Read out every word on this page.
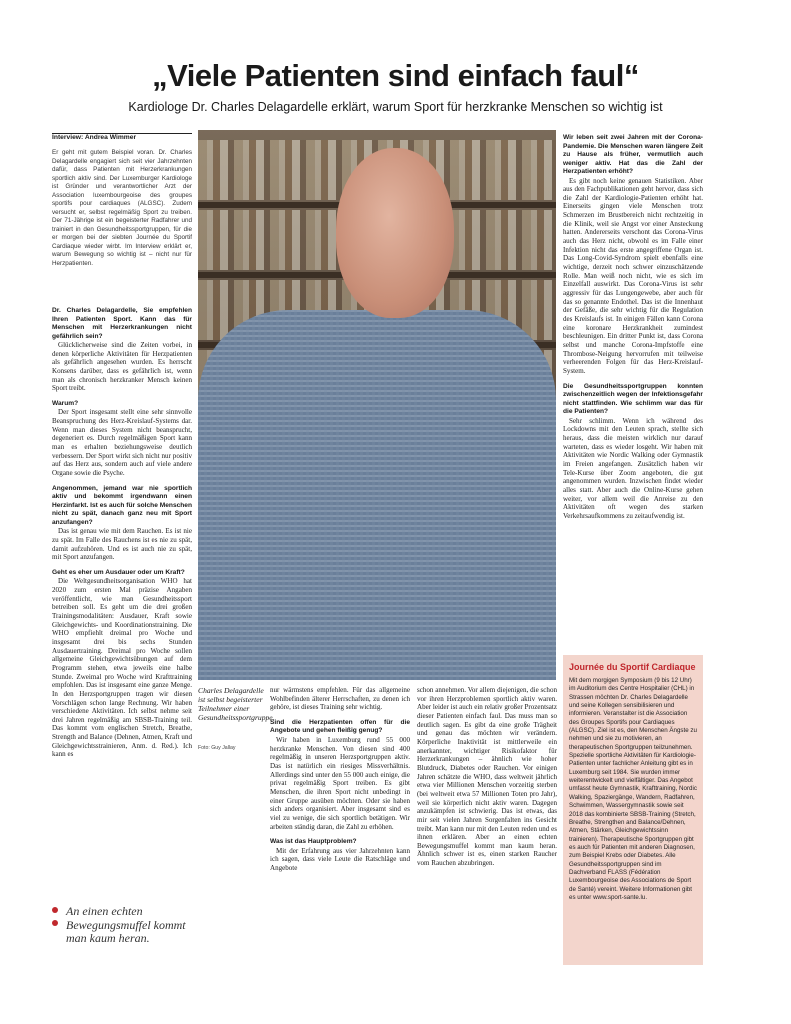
„Viele Patienten sind einfach faul“
Kardiologe Dr. Charles Delagardelle erklärt, warum Sport für herzkranke Menschen so wichtig ist
Interview: Andrea Wimmer

Er geht mit gutem Beispiel voran. Dr. Charles Delagardelle engagiert sich seit vier Jahrzehnten dafür, dass Patienten mit Herzerkrankungen sportlich aktiv sind. Der Luxemburger Kardiologe ist Gründer und verantwortlicher Arzt der Association luxembourgeoise des groupes sportifs pour cardiaques (ALGSC). Zudem versucht er, selbst regelmäßig Sport zu treiben. Der 71-Jährige ist ein begeisterter Radfahrer und trainiert in den Gesundheitssportgruppen, für die er morgen bei der siebten Journée du Sportif Cardiaque wieder wirbt. Im Interview erklärt er, warum Bewegung so wichtig ist – nicht nur für Herzpatienten.

Dr. Charles Delagardelle, Sie empfehlen Ihren Patienten Sport. Kann das für Menschen mit Herzerkrankungen nicht gefährlich sein?

Glücklicherweise sind die Zeiten vorbei, in denen körperliche Aktivitäten für Herzpatienten als gefährlich angesehen wurden. Es herrscht Konsens darüber, dass es gefährlich ist, wenn man als chronisch herzkranker Mensch keinen Sport treibt.

Warum?

Der Sport insgesamt stellt eine sehr sinnvolle Beanspruchung des Herz-Kreislauf-Systems dar. Wenn man dieses System nicht beansprucht, degeneriert es. Durch regelmäßigen Sport kann man es erhalten beziehungsweise deutlich verbessern. Der Sport wirkt sich nicht nur positiv auf das Herz aus, sondern auch auf viele andere Organe sowie die Psyche.

Angenommen, jemand war nie sportlich aktiv und bekommt irgendwann einen Herzinfarkt. Ist es auch für solche Menschen nicht zu spät, danach ganz neu mit Sport anzufangen?

Das ist genau wie mit dem Rauchen. Es ist nie zu spät. Im Falle des Rauchens ist es nie zu spät, damit aufzuhören. Und es ist auch nie zu spät, mit Sport anzufangen.

Geht es eher um Ausdauer oder um Kraft?

Die Weltgesundheitsorganisation WHO hat 2020 zum ersten Mal präzise Angaben veröffentlicht, wie man Gesundheitssport betreiben soll. Es geht um die drei großen Trainingsmodalitäten: Ausdauer, Kraft sowie Gleichgewichts- und Koordinationstraining. Die WHO empfiehlt dreimal pro Woche und insgesamt drei bis sechs Stunden Ausdauertraining. Dreimal pro Woche sollen allgemeine Gleichgewichtsübungen auf dem Programm stehen, etwa jeweils eine halbe Stunde. Zweimal pro Woche wird Krafttraining empfohlen. Das ist insgesamt eine ganze Menge. In den Herzsportgruppen tragen wir diesen Vorschlägen schon lange Rechnung. Wir haben verschiedene Aktivitäten. Ich selbst nehme seit drei Jahren regelmäßig am SBSB-Training teil. Das kommt vom englischen Stretch, Breathe, Strength and Balance (Dehnen, Atmen, Kraft und Gleichgewichtsstrainieren, Anm. d. Red.). Ich kann es

Charles Delagardelle ist selbst begeisterter Teilnehmer einer Gesundheitssportgruppe.
Foto: Guy Jallay

nur wärmstens empfehlen. Für das allgemeine Wohlbefinden älterer Herrschaften, zu denen ich gehöre, ist dieses Training sehr wichtig.

Sind die Herzpatienten offen für die Angebote und gehen fleißig genug?

Wir haben in Luxemburg rund 55 000 herzkranke Menschen. Von diesen sind 400 regelmäßig in unseren Herzsportgruppen aktiv. Das ist natürlich ein riesiges Missverhältnis. Allerdings sind unter den 55 000 auch einige, die privat regelmäßig Sport treiben. Es gibt Menschen, die ihren Sport nicht unbedingt in einer Gruppe ausüben möchten. Oder sie haben sich anders organisiert. Aber insgesamt sind es viel zu wenige, die sich sportlich betätigen. Wir arbeiten ständig daran, die Zahl zu erhöhen.

Was ist das Hauptproblem?

Mit der Erfahrung aus vier Jahrzehnten kann ich sagen, dass viele Leute die Ratschläge und Angebote

schon annehmen. Vor allem diejenigen, die schon vor ihren Herzproblemen sportlich aktiv waren. Aber leider ist auch ein relativ großer Prozentsatz dieser Patienten einfach faul. Das muss man so deutlich sagen. Es gibt da eine große Trägheit und genau das möchten wir verändern. Körperliche Inaktivität ist mittlerweile ein anerkannter, wichtiger Risikofaktor für Herzerkrankungen – ähnlich wie hoher Blutdruck, Diabetes oder Rauchen. Vor einigen Jahren schätzte die WHO, dass weltweit jährlich etwa vier Millionen Menschen vorzeitig sterben (bei weltweit etwa 57 Millionen Toten pro Jahr), weil sie körperlich nicht aktiv waren. Dagegen anzukämpfen ist schwierig. Das ist etwas, das mir seit vielen Jahren Sorgenfalten ins Gesicht treibt. Man kann nur mit den Leuten reden und es ihnen erklären. Aber an einen echten Bewegungsmuffel kommt man kaum heran. Ähnlich schwer ist es, einen starken Raucher vom Rauchen abzubringen.

Wir leben seit zwei Jahren mit der Corona-Pandemie. Die Menschen waren längere Zeit zu Hause als früher, vermutlich auch weniger aktiv. Hat das die Zahl der Herzpatienten erhöht?

Es gibt noch keine genauen Statistiken. Aber aus den Fachpublikationen geht hervor, dass sich die Zahl der Kardiologie-Patienten erhöht hat. Einerseits gingen viele Menschen trotz Schmerzen im Brustbereich nicht rechtzeitig in die Klinik, weil sie Angst vor einer Ansteckung hatten. Andererseits verschont das Corona-Virus auch das Herz nicht, obwohl es im Falle einer Infektion nicht das erste angegriffene Organ ist. Das Long-Covid-Syndrom spielt ebenfalls eine wichtige, derzeit noch schwer einzuschätzende Rolle. Man weiß noch nicht, wie es sich im Einzelfall auswirkt. Das Corona-Virus ist sehr aggressiv für das Lungengewebe, aber auch für das so genannte Endothel. Das ist die Innenhaut der Gefäße, die sehr wichtig für die Regulation des Kreislaufs ist. In einigen Fällen kann Corona eine koronare Herzkrankheit zumindest beschleunigen. Ein dritter Punkt ist, dass Corona selbst und manche Corona-Impfstoffe eine Thrombose-Neigung hervorrufen mit teilweise verheerenden Folgen für das Herz-Kreislauf-System.

Die Gesundheitssportgruppen konnten zwischenzeitlich wegen der Infektionsgefahr nicht stattfinden. Wie schlimm war das für die Patienten?

Sehr schlimm. Wenn ich während des Lockdowns mit den Leuten sprach, stellte sich heraus, dass die meisten wirklich nur darauf warteten, dass es wieder losgeht. Wir haben mit Aktivitäten wie Nordic Walking oder Gymnastik im Freien angefangen. Zusätzlich haben wir Tele-Kurse über Zoom angeboten, die gut angenommen wurden. Inzwischen findet wieder alles statt. Aber auch die Online-Kurse gehen weiter, vor allem weil die Anreise zu den Aktivitäten oft wegen des starken Verkehrsaufkommens zu zeitaufwendig ist.

An einen echten Bewegungsmuffel kommt man kaum heran.
Journée du Sportif Cardiaque
Mit dem morgigen Symposium (9 bis 12 Uhr) im Auditorium des Centre Hospitalier (CHL) in Strassen möchten Dr. Charles Delagardelle und seine Kollegen sensibilisieren und informieren. Veranstalter ist die Association des Groupes Sportifs pour Cardiaques (ALGSC). Ziel ist es, den Menschen Ängste zu nehmen und sie zu motivieren, an therapeutischen Sportgruppen teilzunehmen. Spezielle sportliche Aktivitäten für Kardiologie-Patienten unter fachlicher Anleitung gibt es in Luxemburg seit 1984. Sie wurden immer weiterentwickelt und vielfältiger. Das Angebot umfasst heute Gymnastik, Krafttraining, Nordic Walking, Spaziergänge, Wandern, Radfahren, Schwimmen, Wassergymnastik sowie seit 2018 das kombinierte SBSB-Training (Stretch, Breathe, Strengthen and Balance/Dehnen, Atmen, Stärken, Gleichgewichtssinn trainieren). Therapeutische Sportgruppen gibt es auch für Patienten mit anderen Diagnosen, zum Beispiel Krebs oder Diabetes. Alle Gesundheitssportgruppen sind im Dachverband FLASS (Fédération Luxembourgeoise des Associations de Sport de Santé) vereint. Weitere Informationen gibt es unter www.sport-sante.lu.
